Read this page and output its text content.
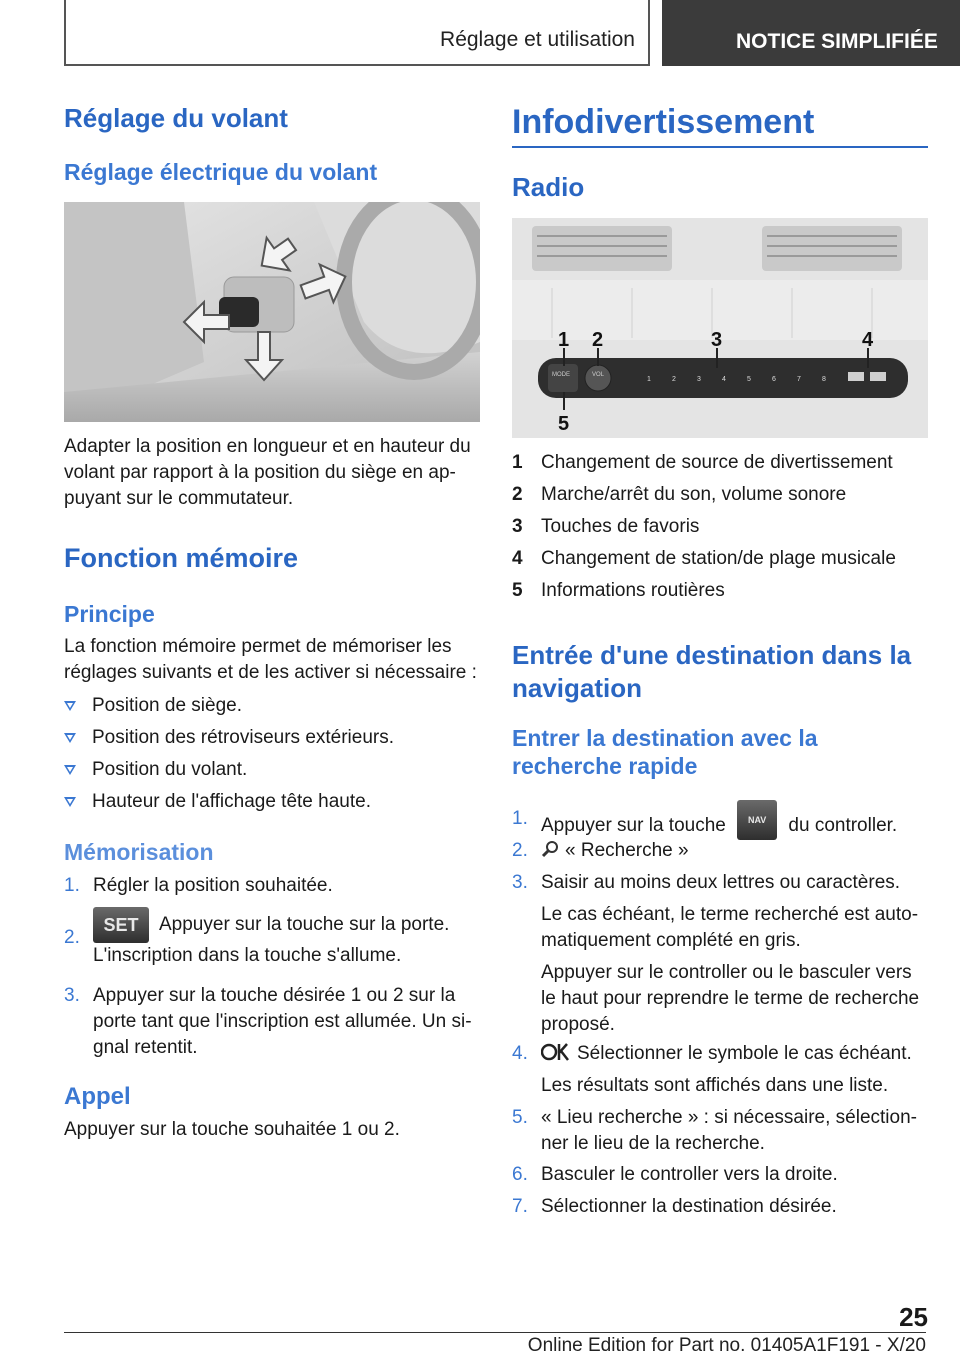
Réglage et utilisation	NOTICE SIMPLIFIÉE
Réglage du volant
Réglage électrique du volant
Adapter la position en longueur et en hauteur du volant par rapport à la position du siège en appuyant sur le commutateur.
Fonction mémoire
Principe
La fonction mémoire permet de mémoriser les réglages suivants et de les activer si nécessaire :
Position de siège.
Position des rétroviseurs extérieurs.
Position du volant.
Hauteur de l'affichage tête haute.
Mémorisation
1. Régler la position souhaitée.
2.
SET Appuyer sur la touche sur la porte. L'inscription dans la touche s'allume.
3. Appuyer sur la touche désirée 1 ou 2 sur la porte tant que l'inscription est allumée. Un signal retentit.
Appel
Appuyer sur la touche souhaitée 1 ou 2.
Infodivertissement
Radio
MODE	VOL
1	2	3	4	5	6	7	8
1 2	3	4
5
1 Changement de source de divertissement
2 Marche/arrêt du son, volume sonore
3 Touches de favoris
4 Changement de station/de plage musicale
5 Informations routières
Entrée d'une destination dans la
navigation
Entrer la destination avec la
recherche rapide
1. Appuyer sur la touche NAV du controller.
2.	« Recherche »
3. Saisir au moins deux lettres ou caractères.
Le cas échéant, le terme recherché est automatiquement complété en gris.
Appuyer sur le controller ou le basculer vers le haut pour reprendre le terme de recherche proposé.
4.	Sélectionner le symbole le cas échéant.
Les résultats sont affichés dans une liste.
5. « Lieu recherche » : si nécessaire, sélectionner le lieu de la recherche.
6. Basculer le controller vers la droite.
7. Sélectionner la destination désirée.
25
Online Edition for Part no. 01405A1F191 - X/20
